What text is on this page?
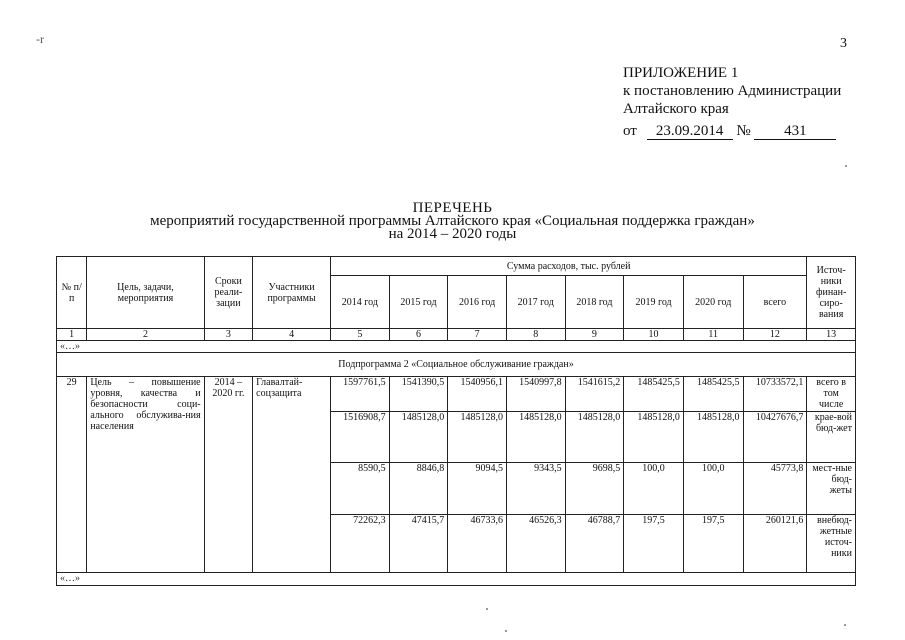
-r	3
ПРИЛОЖЕНИЕ 1
к постановлению Администрации
Алтайского края
от 23.09.2014 № 431
ПЕРЕЧЕНЬ
мероприятий государственной программы Алтайского края «Социальная поддержка граждан»
на 2014 – 2020 годы
№ п/п	Цель, задачи, мероприятия	Сроки реали-зации	Участники программы	Сумма расходов, тыс. рублей								Источ-ники финан-сиро-вания
				2014 год	2015 год	2016 год	2017 год	2018 год	2019 год	2020 год	всего	
1	2	3	4	5	6	7	8	9	10	11	12	13
«…»												
Подпрограмма 2 «Социальное обслуживание граждан»												
29	Цель – повышение уровня, качества и безопасности соци-ального обслужива-ния населения	2014 – 2020 гг.	Главалтай-соцзащита	1597761,5	1541390,5	1540956,1	1540997,8	1541615,2	1485425,5	1485425,5	10733572,1	всего в том числе
				1516908,7	1485128,0	1485128,0	1485128,0	1485128,0	1485128,0	1485128,0	10427676,7	крае-вой бюд-жет
				8590,5	8846,8	9094,5	9343,5	9698,5	100,0	100,0	45773,8	мест-ные бюд-жеты
				72262,3	47415,7	46733,6	46526,3	46788,7	197,5	197,5	260121,6	внебюд-жетные источ-ники
«…»												
